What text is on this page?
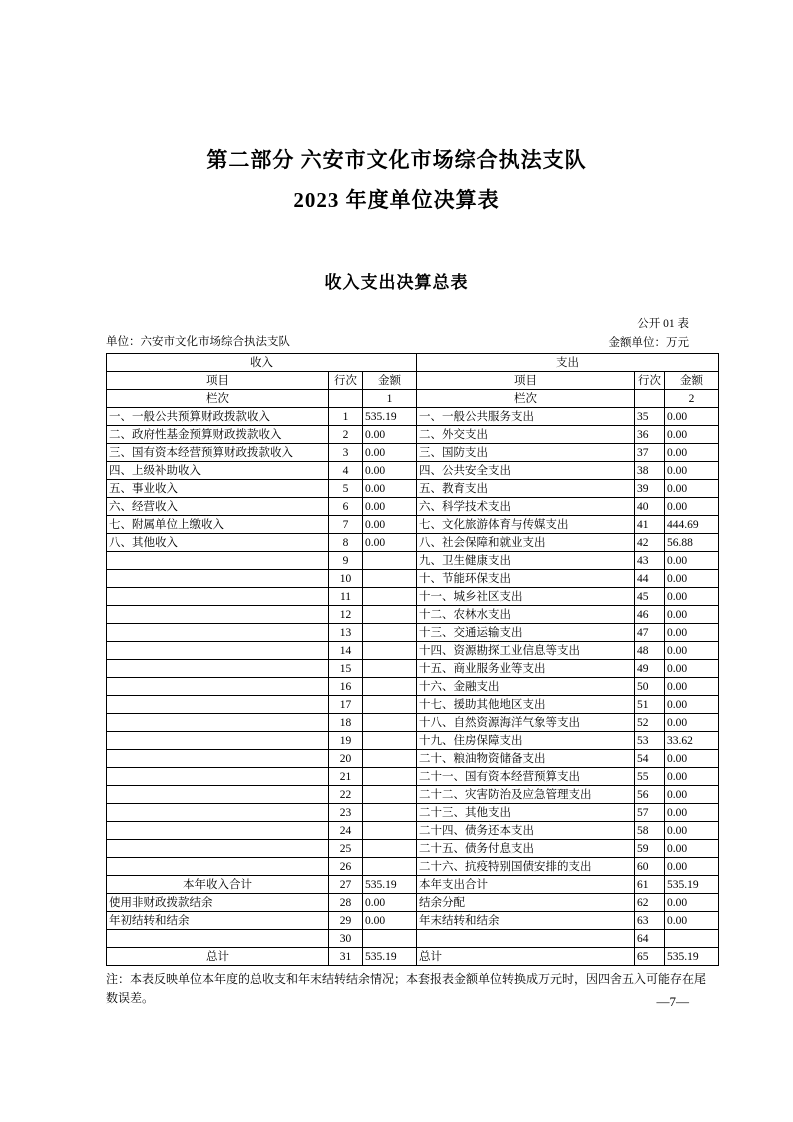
第二部分 六安市文化市场综合执法支队
2023 年度单位决算表
收入支出决算总表
单位：六安市文化市场综合执法支队
公开 01 表
金额单位：万元
收入			支出		
项目	行次	金额	项目	行次	金额
栏次		1	栏次		2
一、一般公共预算财政拨款收入	1	535.19	一、一般公共服务支出	35	0.00
二、政府性基金预算财政拨款收入	2	0.00	二、外交支出	36	0.00
三、国有资本经营预算财政拨款收入	3	0.00	三、国防支出	37	0.00
四、上级补助收入	4	0.00	四、公共安全支出	38	0.00
五、事业收入	5	0.00	五、教育支出	39	0.00
六、经营收入	6	0.00	六、科学技术支出	40	0.00
七、附属单位上缴收入	7	0.00	七、文化旅游体育与传媒支出	41	444.69
八、其他收入	8	0.00	八、社会保障和就业支出	42	56.88
	9		九、卫生健康支出	43	0.00
	10		十、节能环保支出	44	0.00
	11		十一、城乡社区支出	45	0.00
	12		十二、农林水支出	46	0.00
	13		十三、交通运输支出	47	0.00
	14		十四、资源勘探工业信息等支出	48	0.00
	15		十五、商业服务业等支出	49	0.00
	16		十六、金融支出	50	0.00
	17		十七、援助其他地区支出	51	0.00
	18		十八、自然资源海洋气象等支出	52	0.00
	19		十九、住房保障支出	53	33.62
	20		二十、粮油物资储备支出	54	0.00
	21		二十一、国有资本经营预算支出	55	0.00
	22		二十二、灾害防治及应急管理支出	56	0.00
	23		二十三、其他支出	57	0.00
	24		二十四、债务还本支出	58	0.00
	25		二十五、债务付息支出	59	0.00
	26		二十六、抗疫特别国债安排的支出	60	0.00
本年收入合计	27	535.19	本年支出合计	61	535.19
使用非财政拨款结余	28	0.00	结余分配	62	0.00
年初结转和结余	29	0.00	年末结转和结余	63	0.00
	30			64	
总计	31	535.19	总计	65	535.19
注：本表反映单位本年度的总收支和年末结转结余情况；本套报表金额单位转换成万元时，因四舍五入可能存在尾数误差。	—7—
